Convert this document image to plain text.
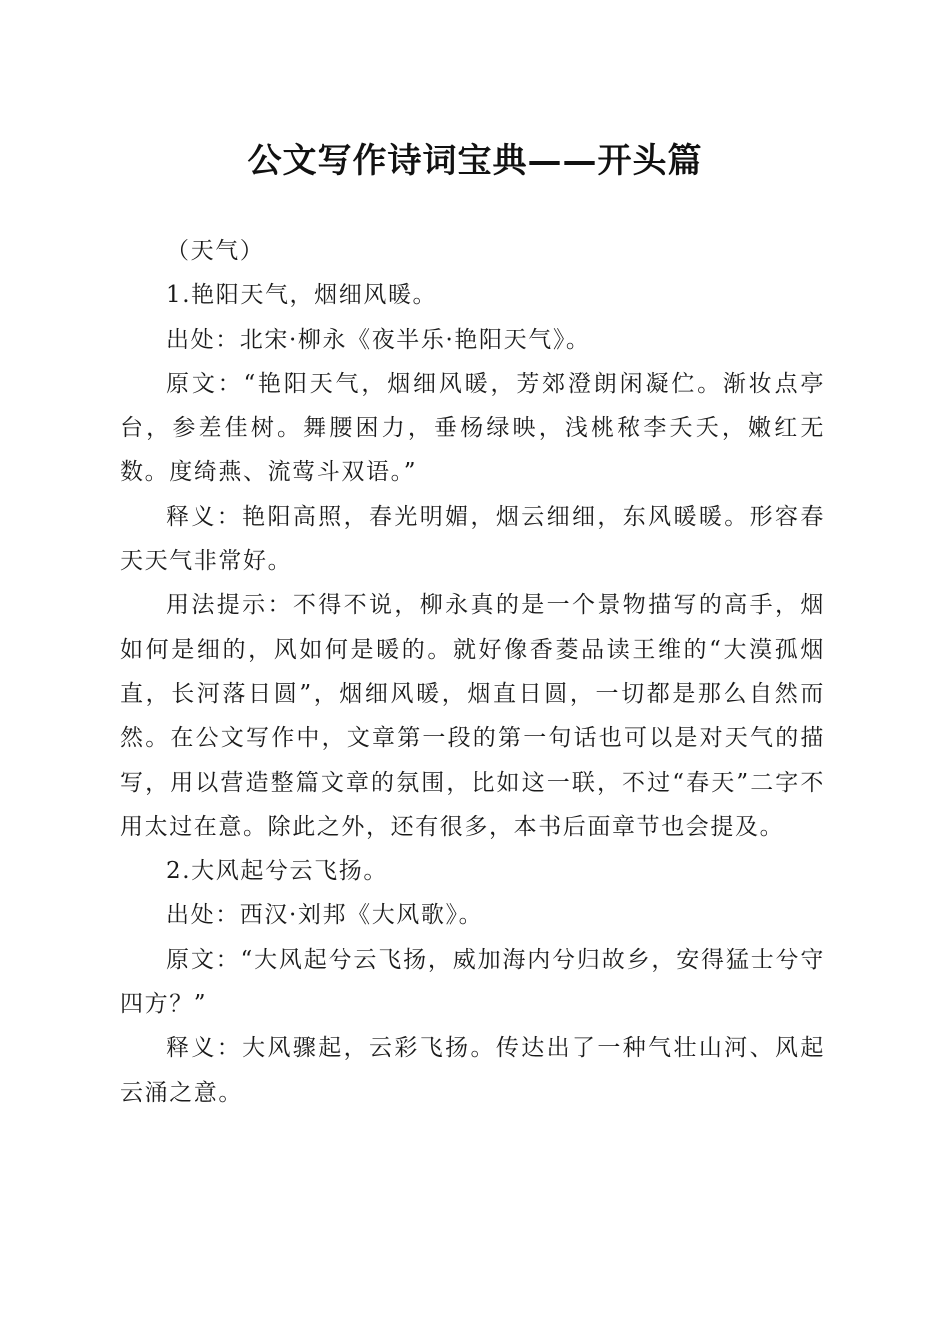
公文写作诗词宝典——开头篇

（天气）

1.艳阳天气，烟细风暖。

出处：北宋·柳永《夜半乐·艳阳天气》。

原文：“艳阳天气，烟细风暖，芳郊澄朗闲凝伫。渐妆点亭台，参差佳树。舞腰困力，垂杨绿映，浅桃秾李夭夭，嫩红无数。度绮燕、流莺斗双语。”

释义：艳阳高照，春光明媚，烟云细细，东风暖暖。形容春天天气非常好。

用法提示：不得不说，柳永真的是一个景物描写的高手，烟如何是细的，风如何是暖的。就好像香菱品读王维的“大漠孤烟直，长河落日圆”，烟细风暖，烟直日圆，一切都是那么自然而然。在公文写作中，文章第一段的第一句话也可以是对天气的描写，用以营造整篇文章的氛围，比如这一联，不过“春天”二字不用太过在意。除此之外，还有很多，本书后面章节也会提及。

2.大风起兮云飞扬。

出处：西汉·刘邦《大风歌》。

原文：“大风起兮云飞扬，威加海内兮归故乡，安得猛士兮守四方？”

释义：大风骤起，云彩飞扬。传达出了一种气壮山河、风起云涌之意。
